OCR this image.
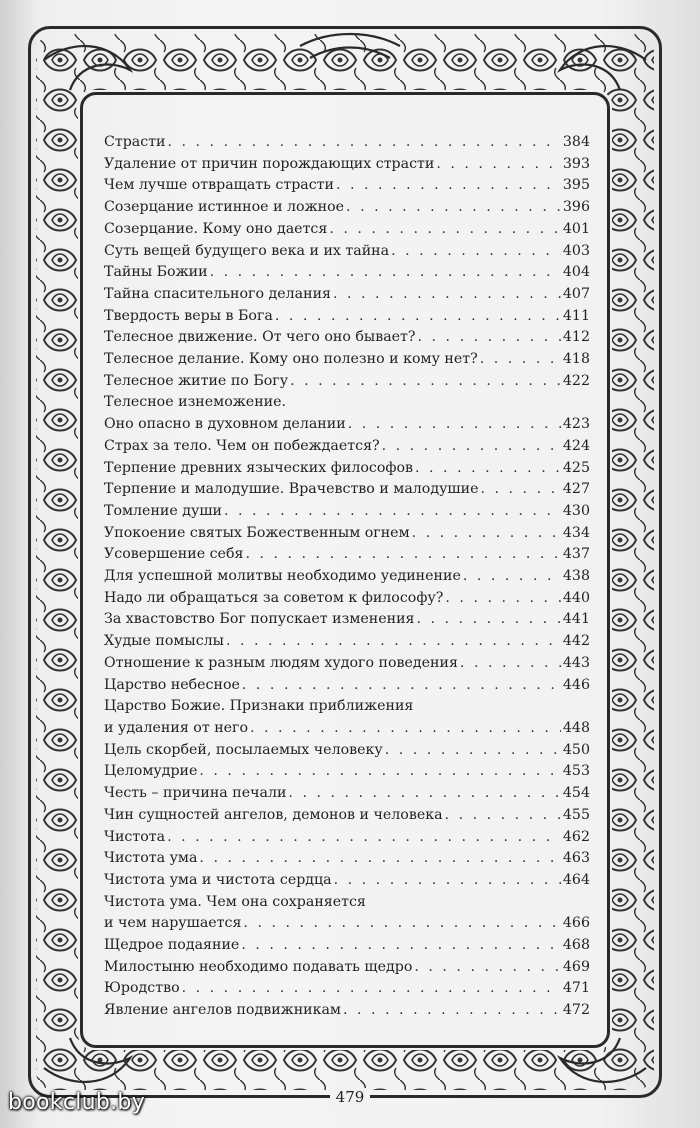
Страсти . . .	384
Удаление от причин порождающих страсти . . .	393
Чем лучше отвращать страсти . . .	395
Созерцание истинное и ложное . . .	396
Созерцание. Кому оно дается . . .	401
Суть вещей будущего века и их тайна . . .	403
Тайны Божии . . .	404
Тайна спасительного делания . . .	407
Твердость веры в Бога . . .	411
Телесное движение. От чего оно бывает? . . .	412
Телесное делание. Кому оно полезно и кому нет? . . .	418
Телесное житие по Богу . . .	422
Телесное изнеможение.
Оно опасно в духовном делании . . .	423
Страх за тело. Чем он побеждается? . . .	424
Терпение древних языческих философов . . .	425
Терпение и малодушие. Врачевство и малодушие . . .	427
Томление души . . .	430
Упокоение святых Божественным огнем . . .	434
Усовершение себя . . .	437
Для успешной молитвы необходимо уединение . . .	438
Надо ли обращаться за советом к философу? . . .	440
За хвастовство Бог попускает изменения . . .	441
Худые помыслы . . .	442
Отношение к разным людям худого поведения . . .	443
Царство небесное . . .	446
Царство Божие. Признаки приближения
и удаления от него . . .	448
Цель скорбей, посылаемых человеку . . .	450
Целомудрие . . .	453
Честь – причина печали . . .	454
Чин сущностей ангелов, демонов и человека . . .	455
Чистота . . .	462
Чистота ума . . .	463
Чистота ума и чистота сердца . . .	464
Чистота ума. Чем она сохраняется
и чем нарушается . . .	466
Щедрое подаяние . . .	468
Милостыню необходимо подавать щедро . . .	469
Юродство . . .	471
Явление ангелов подвижникам . . .	472
479
bookclub.by
